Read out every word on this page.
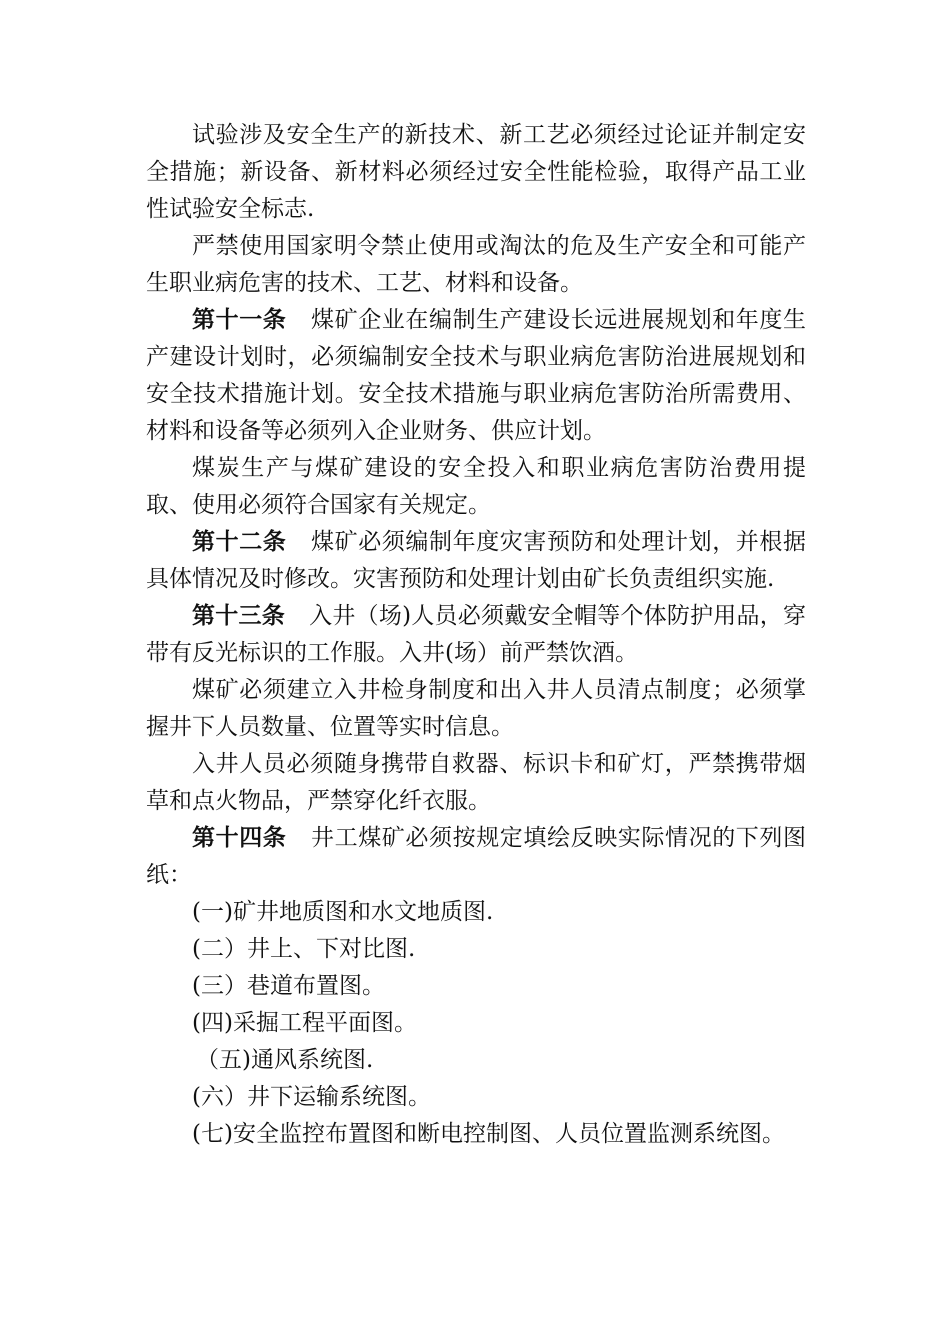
试验涉及安全生产的新技术、新工艺必须经过论证并制定安全措施；新设备、新材料必须经过安全性能检验，取得产品工业性试验安全标志.

严禁使用国家明令禁止使用或淘汰的危及生产安全和可能产生职业病危害的技术、工艺、材料和设备。

第十一条 煤矿企业在编制生产建设长远进展规划和年度生产建设计划时，必须编制安全技术与职业病危害防治进展规划和安全技术措施计划。安全技术措施与职业病危害防治所需费用、材料和设备等必须列入企业财务、供应计划。

煤炭生产与煤矿建设的安全投入和职业病危害防治费用提取、使用必须符合国家有关规定。

第十二条 煤矿必须编制年度灾害预防和处理计划，并根据具体情况及时修改。灾害预防和处理计划由矿长负责组织实施.

第十三条 入井（场)人员必须戴安全帽等个体防护用品，穿带有反光标识的工作服。入井(场）前严禁饮酒。

煤矿必须建立入井检身制度和出入井人员清点制度；必须掌握井下人员数量、位置等实时信息。

入井人员必须随身携带自救器、标识卡和矿灯，严禁携带烟草和点火物品，严禁穿化纤衣服。

第十四条 井工煤矿必须按规定填绘反映实际情况的下列图纸：

(一)矿井地质图和水文地质图.

(二）井上、下对比图.

(三）巷道布置图。

(四)采掘工程平面图。

（五)通风系统图.

(六）井下运输系统图。

(七)安全监控布置图和断电控制图、人员位置监测系统图。
